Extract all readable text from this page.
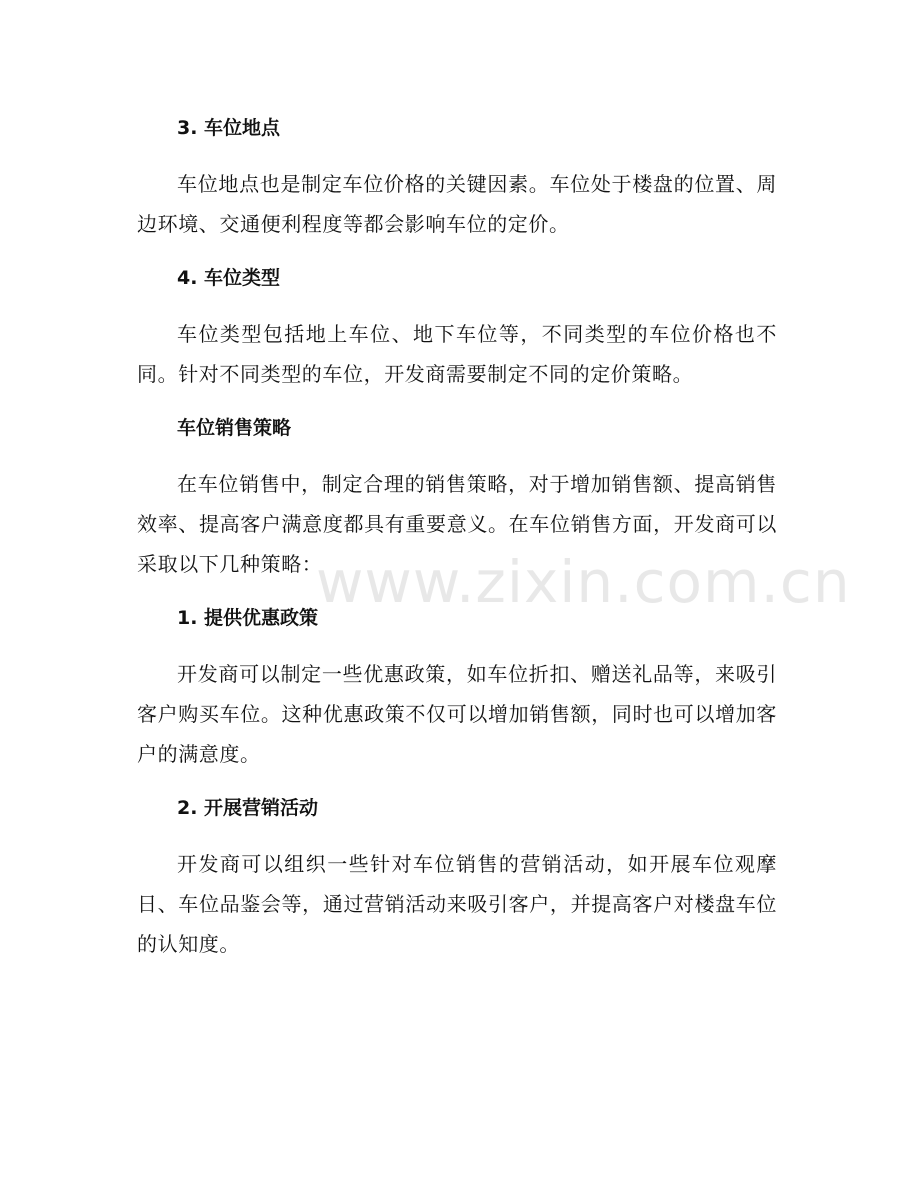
3. 车位地点

车位地点也是制定车位价格的关键因素。车位处于楼盘的位置、周边环境、交通便利程度等都会影响车位的定价。

4. 车位类型

车位类型包括地上车位、地下车位等，不同类型的车位价格也不同。针对不同类型的车位，开发商需要制定不同的定价策略。

车位销售策略

在车位销售中，制定合理的销售策略，对于增加销售额、提高销售效率、提高客户满意度都具有重要意义。在车位销售方面，开发商可以采取以下几种策略：

1. 提供优惠政策

开发商可以制定一些优惠政策，如车位折扣、赠送礼品等，来吸引客户购买车位。这种优惠政策不仅可以增加销售额，同时也可以增加客户的满意度。

2. 开展营销活动

开发商可以组织一些针对车位销售的营销活动，如开展车位观摩日、车位品鉴会等，通过营销活动来吸引客户，并提高客户对楼盘车位的认知度。

www.zixin.com.cn
